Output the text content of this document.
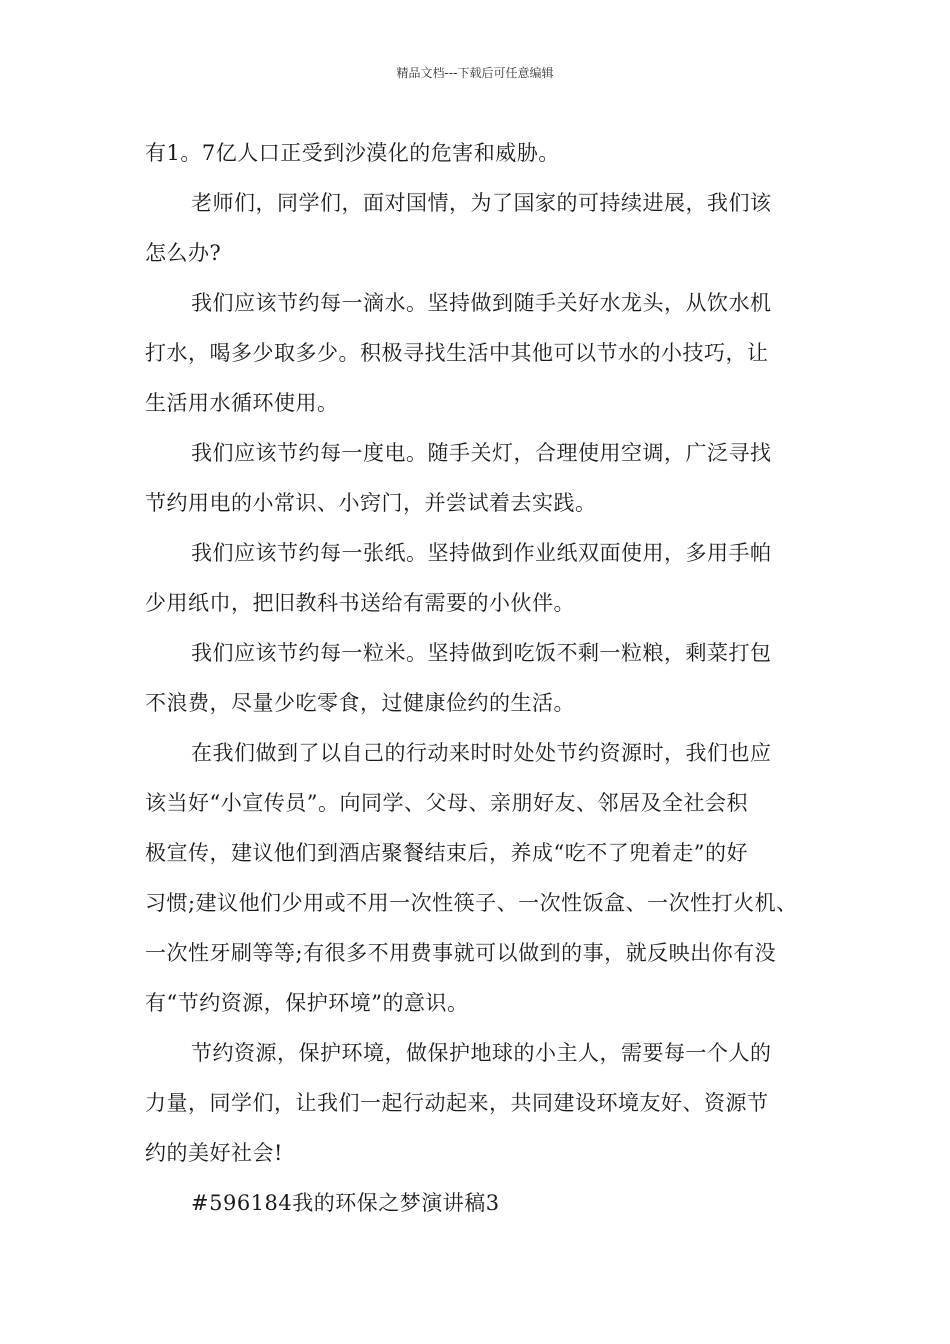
精品文档---下载后可任意编辑
有1。7亿人口正受到沙漠化的危害和威胁。
老师们，同学们，面对国情，为了国家的可持续进展，我们该
怎么办?
我们应该节约每一滴水。坚持做到随手关好水龙头，从饮水机
打水，喝多少取多少。积极寻找生活中其他可以节水的小技巧，让
生活用水循环使用。
我们应该节约每一度电。随手关灯，合理使用空调，广泛寻找
节约用电的小常识、小窍门，并尝试着去实践。
我们应该节约每一张纸。坚持做到作业纸双面使用，多用手帕
少用纸巾，把旧教科书送给有需要的小伙伴。
我们应该节约每一粒米。坚持做到吃饭不剩一粒粮，剩菜打包
不浪费，尽量少吃零食，过健康俭约的生活。
在我们做到了以自己的行动来时时处处节约资源时，我们也应
该当好“小宣传员”。向同学、父母、亲朋好友、邻居及全社会积
极宣传，建议他们到酒店聚餐结束后，养成“吃不了兜着走”的好
习惯;建议他们少用或不用一次性筷子、一次性饭盒、一次性打火机、
一次性牙刷等等;有很多不用费事就可以做到的事，就反映出你有没
有“节约资源，保护环境”的意识。
节约资源，保护环境，做保护地球的小主人，需要每一个人的
力量，同学们，让我们一起行动起来，共同建设环境友好、资源节
约的美好社会!
#596184我的环保之梦演讲稿3
